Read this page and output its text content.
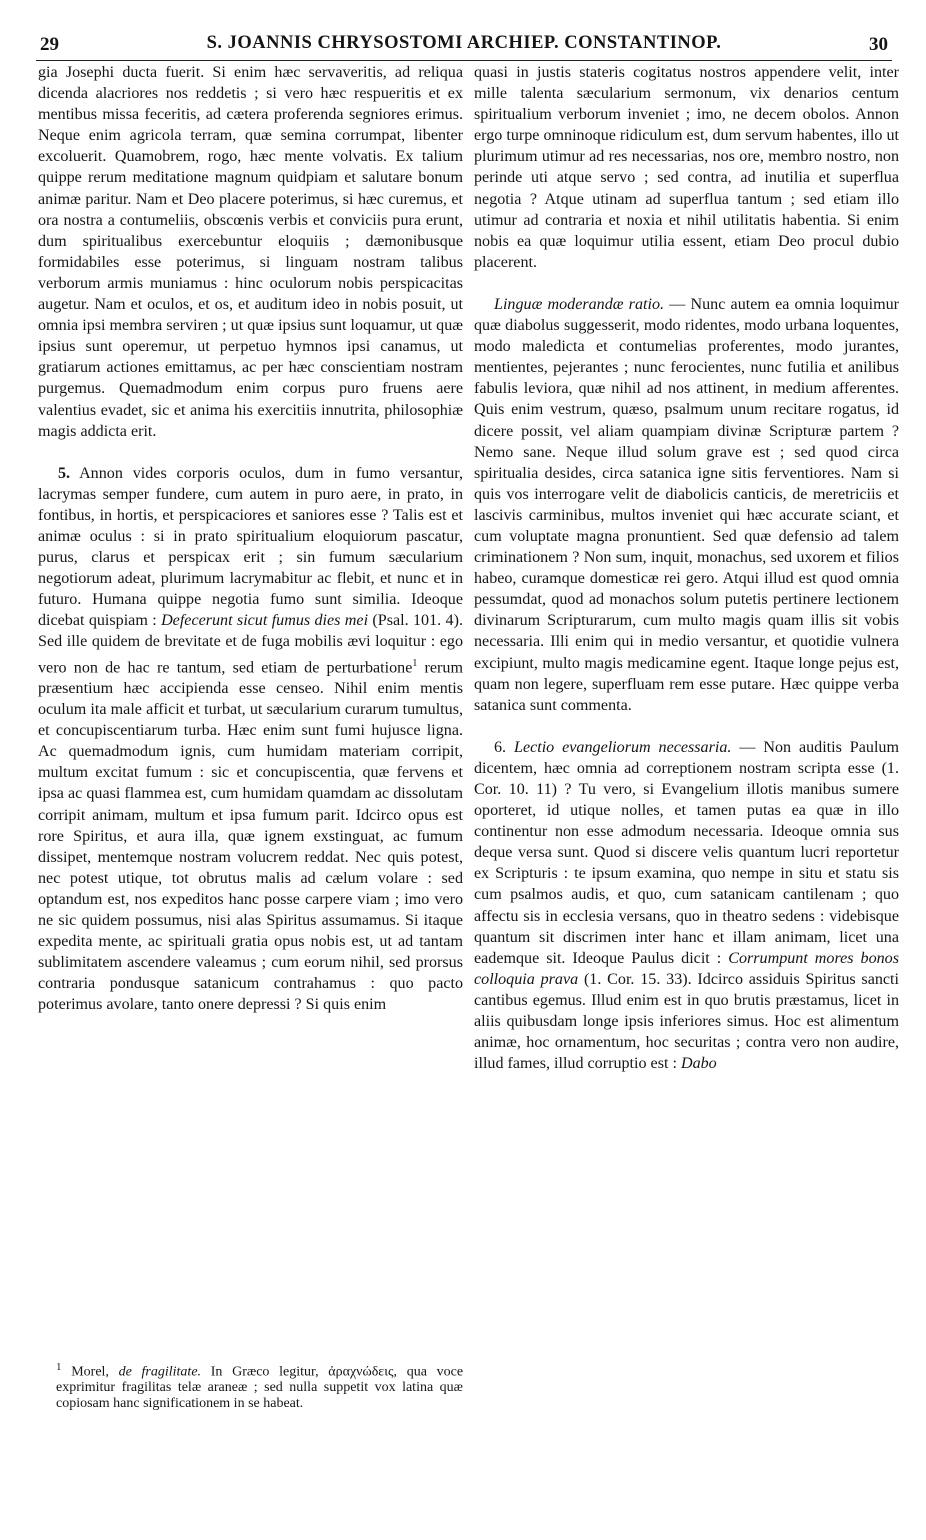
29	S. JOANNIS CHRYSOSTOMI ARCHIEP. CONSTANTINOP.	30

gia Josephi ducta fuerit. Si enim hæc servaveritis, ad reliqua dicenda alacriores nos reddetis ; si vero hæc respueritis et ex mentibus missa feceritis, ad cætera proferenda segniores erimus. Neque enim agricola terram, quæ semina corrumpat, libenter excoluerit. Quamobrem, rogo, hæc mente volvatis. Ex talium quippe rerum meditatione magnum quidpiam et salutare bonum animæ paritur. Nam et Deo placere poterimus, si hæc curemus, et ora nostra a contumeliis, obscœnis verbis et conviciis pura erunt, dum spiritualibus exercebuntur eloquiis ; dæmonibusque formidabiles esse poterimus, si linguam nostram talibus verborum armis muniamus : hinc oculorum nobis perspicacitas augetur. Nam et oculos, et os, et auditum ideo in nobis posuit, ut omnia ipsi membra serviren ; ut quæ ipsius sunt loquamur, ut quæ ipsius sunt operemur, ut perpetuo hymnos ipsi canamus, ut gratiarum actiones emittamus, ac per hæc conscientiam nostram purgemus. Quemadmodum enim corpus puro fruens aere valentius evadet, sic et anima his exercitiis innutrita, philosophiæ magis addicta erit.

5. Annon vides corporis oculos, dum in fumo versantur, lacrymas semper fundere, cum autem in puro aere, in prato, in fontibus, in hortis, et perspicaciores et saniores esse ? Talis est et animæ oculus : si in prato spiritualium eloquiorum pascatur, purus, clarus et perspicax erit ; sin fumum sæcularium negotiorum adeat, plurimum lacrymabitur ac flebit, et nunc et in futuro. Humana quippe negotia fumo sunt similia. Ideoque dicebat quispiam : Defecerunt sicut fumus dies mei (Psal. 101. 4). Sed ille quidem de brevitate et de fuga mobilis ævi loquitur : ego vero non de hac re tantum, sed etiam de perturbatione$^1$ rerum præsentium hæc accipienda esse censeo. Nihil enim mentis oculum ita male afficit et turbat, ut sæcularium curarum tumultus, et concupiscentiarum turba. Hæc enim sunt fumi hujusce ligna. Ac quemadmodum ignis, cum humidam materiam corripit, multum excitat fumum : sic et concupiscentia, quæ fervens et ipsa ac quasi flammea est, cum humidam quamdam ac dissolutam corripit animam, multum et ipsa fumum parit. Idcirco opus est rore Spiritus, et aura illa, quæ ignem exstinguat, ac fumum dissipet, mentemque nostram volucrem reddat. Nec quis potest, nec potest utique, tot obrutus malis ad cælum volare : sed optandum est, nos expeditos hanc posse carpere viam ; imo vero ne sic quidem possumus, nisi alas Spiritus assumamus. Si itaque expedita mente, ac spirituali gratia opus nobis est, ut ad tantam sublimitatem ascendere valeamus ; cum eorum nihil, sed prorsus contraria pondusque satanicum contrahamus : quo pacto poterimus avolare, tanto onere depressi ? Si quis enim

quasi in justis stateris cogitatus nostros appendere velit, inter mille talenta sæcularium sermonum, vix denarios centum spiritualium verborum inveniet ; imo, ne decem obolos. Annon ergo turpe omninoque ridiculum est, dum servum habentes, illo ut plurimum utimur ad res necessarias, nos ore, membro nostro, non perinde uti atque servo ; sed contra, ad inutilia et superflua negotia ? Atque utinam ad superflua tantum ; sed etiam illo utimur ad contraria et noxia et nihil utilitatis habentia. Si enim nobis ea quæ loquimur utilia essent, etiam Deo procul dubio placerent.

Linguæ moderandæ ratio. — Nunc autem ea omnia loquimur quæ diabolus suggesserit, modo ridentes, modo urbana loquentes, modo maledicta et contumelias proferentes, modo jurantes, mentientes, pejerantes ; nunc ferocientes, nunc futilia et anilibus fabulis leviora, quæ nihil ad nos attinent, in medium afferentes. Quis enim vestrum, quæso, psalmum unum recitare rogatus, id dicere possit, vel aliam quampiam divinæ Scripturæ partem ? Nemo sane. Neque illud solum grave est ; sed quod circa spiritualia desides, circa satanica igne sitis ferventiores. Nam si quis vos interrogare velit de diabolicis canticis, de meretriciis et lascivis carminibus, multos inveniet qui hæc accurate sciant, et cum voluptate magna pronuntient. Sed quæ defensio ad talem criminationem ? Non sum, inquit, monachus, sed uxorem et filios habeo, curamque domesticæ rei gero. Atqui illud est quod omnia pessumdat, quod ad monachos solum putetis pertinere lectionem divinarum Scripturarum, cum multo magis quam illis sit vobis necessaria. Illi enim qui in medio versantur, et quotidie vulnera excipiunt, multo magis medicamine egent. Itaque longe pejus est, quam non legere, superfluam rem esse putare. Hæc quippe verba satanica sunt commenta.

6. Lectio evangeliorum necessaria. — Non auditis Paulum dicentem, hæc omnia ad correptionem nostram scripta esse (1. Cor. 10. 11) ? Tu vero, si Evangelium illotis manibus sumere oporteret, id utique nolles, et tamen putas ea quæ in illo continentur non esse admodum necessaria. Ideoque omnia sus deque versa sunt. Quod si discere velis quantum lucri reportetur ex Scripturis : te ipsum examina, quo nempe in situ et statu sis cum psalmos audis, et quo, cum satanicam cantilenam ; quo affectu sis in ecclesia versans, quo in theatro sedens : videbisque quantum sit discrimen inter hanc et illam animam, licet una eademque sit. Ideoque Paulus dicit : Corrumpunt mores bonos colloquia prava (1. Cor. 15. 33). Idcirco assiduis Spiritus sancti cantibus egemus. Illud enim est in quo brutis præstamus, licet in aliis quibusdam longe ipsis inferiores simus. Hoc est alimentum animæ, hoc ornamentum, hoc securitas ; contra vero non audire, illud fames, illud corruptio est : Dabo

$^1$ Morel, de fragilitate. In Græco legitur, ἀραχνώδεις, qua voce exprimitur fragilitas telæ araneæ ; sed nulla suppetit vox latina quæ copiosam hanc significationem in se habeat.
